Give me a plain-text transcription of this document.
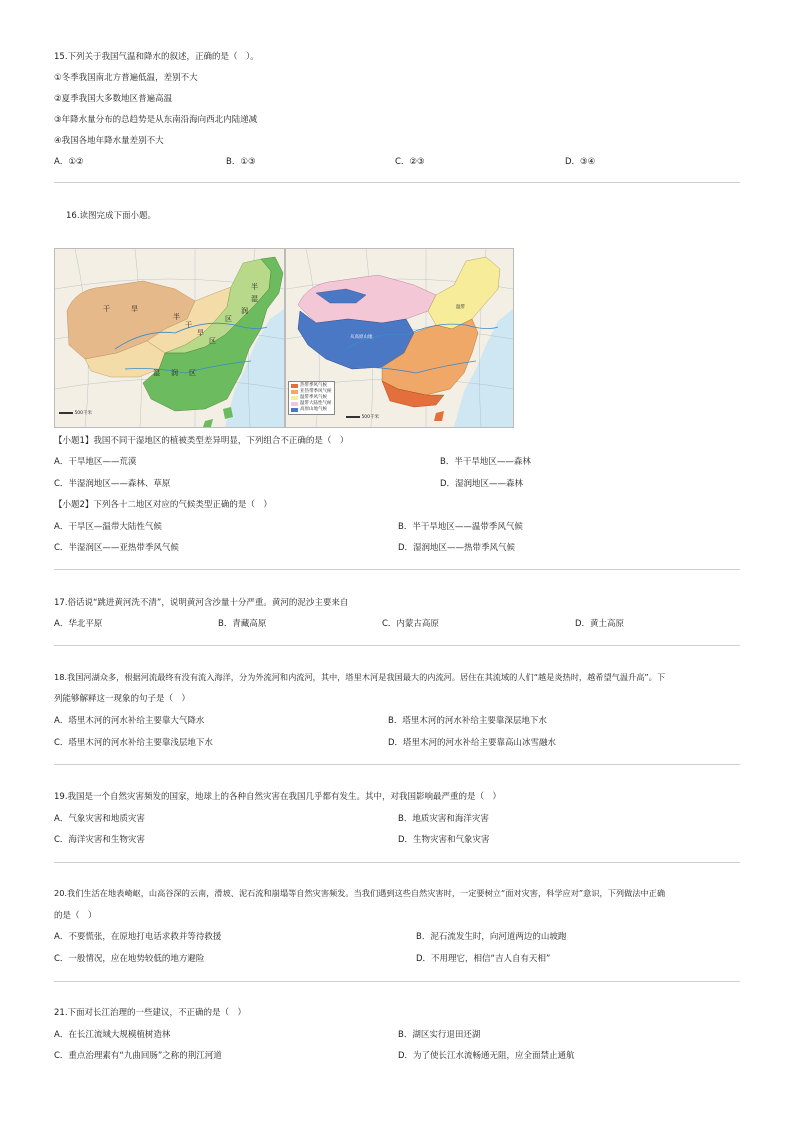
15.下列关于我国气温和降水的叙述，正确的是（　）。
①冬季我国南北方普遍低温，差别不大
②夏季我国大多数地区普遍高温
③年降水量分布的总趋势是从东南沿海向西北内陆递减
④我国各地年降水量差别不大
A．①②	B．①③	C．②③	D．③④
16.读图完成下面小题。
干	旱
半
干
旱
区
湿 润 区
半
湿
润
区
500千米
从高原山地
温带
热带季风气候
亚热带季风气候
温带季风气候
温带大陆性气候
高原山地气候
500千米
【小题1】我国不同干湿地区的植被类型差异明显，下列组合不正确的是（　）
A．干旱地区——荒漠	B．半干旱地区——森林
C．半湿润地区——森林、草原	D．湿润地区——森林
【小题2】下列各十二地区对应的气候类型正确的是（　）
A．干旱区—温带大陆性气候	B．半干旱地区——温带季风气候
C．半湿润区——亚热带季风气候	D．湿润地区——热带季风气候
17.俗话说“跳进黄河洗不清”，说明黄河含沙量十分严重。黄河的泥沙主要来自
A．华北平原	B．青藏高原	C．内蒙古高原	D．黄土高原
18.我国河湖众多，根据河流最终有没有流入海洋，分为外流河和内流河，其中，塔里木河是我国最大的内流河。居住在其流域的人们“越是炎热时，越希望气温升高”。下
列能够解释这一现象的句子是（　）
A．塔里木河的河水补给主要靠大气降水	B．塔里木河的河水补给主要靠深层地下水
C．塔里木河的河水补给主要靠浅层地下水	D．塔里木河的河水补给主要靠高山冰雪融水
19.我国是一个自然灾害频发的国家，地球上的各种自然灾害在我国几乎都有发生。其中，对我国影响最严重的是（　）
A．气象灾害和地质灾害	B．地质灾害和海洋灾害
C．海洋灾害和生物灾害	D．生物灾害和气象灾害
20.我们生活在地表崎岖，山高谷深的云南，滑坡、泥石流和崩塌等自然灾害频发。当我们遇到这些自然灾害时，一定要树立“面对灾害，科学应对”意识，下列做法中正确
的是（　）
A．不要慌张，在原地打电话求救并等待救援	B．泥石流发生时，向河道两边的山坡跑
C．一般情况，应在地势较低的地方避险	D．不用理它，相信“吉人自有天相”
21.下面对长江治理的一些建议，不正确的是（　）
A．在长江流域大规模植树造林	B．湖区实行退田还湖
C．重点治理素有“九曲回肠”之称的荆江河道	D．为了使长江水流畅通无阻，应全面禁止通航
